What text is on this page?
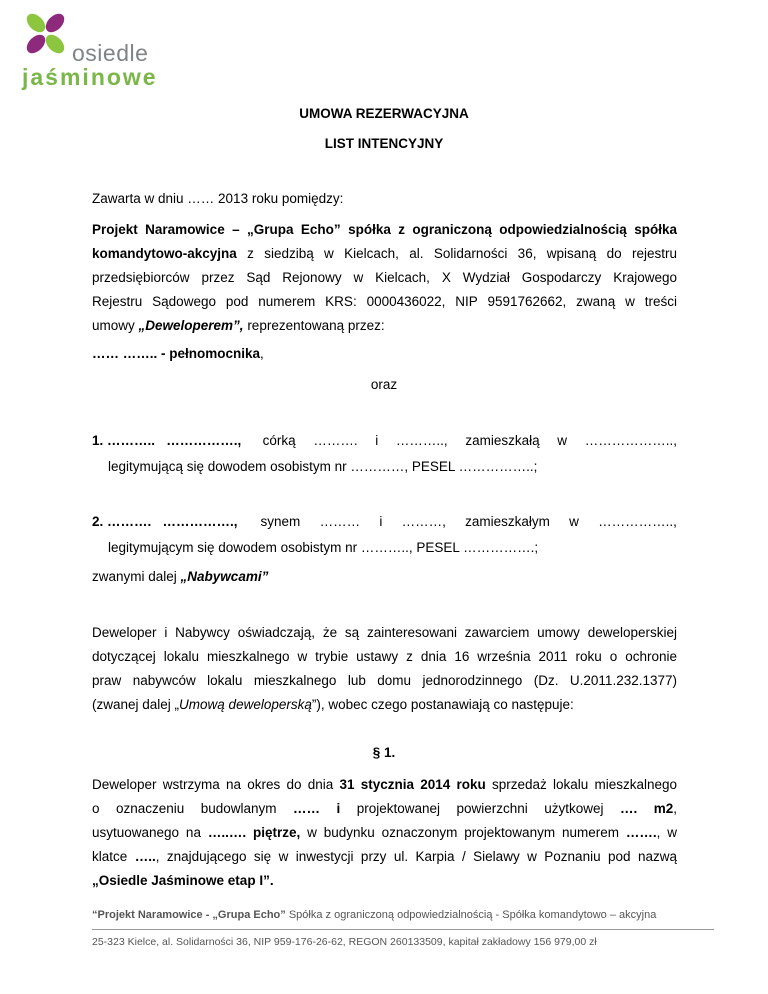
osiedle
jaśminowe
UMOWA REZERWACYJNA
LIST INTENCYJNY
Zawarta w dniu …… 2013 roku pomiędzy:
Projekt Naramowice – „Grupa Echo” spółka z ograniczoną odpowiedzialnością spółka
komandytowo-akcyjna z siedzibą w Kielcach, al. Solidarności 36, wpisaną do rejestru
przedsiębiorców przez Sąd Rejonowy w Kielcach, X Wydział Gospodarczy Krajowego
Rejestru Sądowego pod numerem KRS: 0000436022, NIP 9591762662, zwaną w treści
umowy „Deweloperem”, reprezentowaną przez:
…… …….. - pełnomocnika,
oraz
1. ………..   ……………., córką ………. i ……….., zamieszkałą w ………………..,
legitymującą się dowodem osobistym nr …………, PESEL ……………..;
2. ……….   ……………., synem ……… i ………, zamieszkałym w ……………..,
legitymującym się dowodem osobistym nr ……….., PESEL …………….;
zwanymi dalej „Nabywcami”
Deweloper i Nabywcy oświadczają, że są zainteresowani zawarciem umowy deweloperskiej
dotyczącej lokalu mieszkalnego w trybie ustawy z dnia 16 września 2011 roku o ochronie
praw nabywców lokalu mieszkalnego lub domu jednorodzinnego (Dz. U.2011.232.1377)
(zwanej dalej „Umową deweloperską”), wobec czego postanawiają co następuje:
§ 1.
Deweloper wstrzyma na okres do dnia 31 stycznia 2014 roku sprzedaż lokalu mieszkalnego
o oznaczeniu budowlanym …… i projektowanej powierzchni użytkowej …. m2,
usytuowanego na …..…. piętrze, w budynku oznaczonym projektowanym numerem ……., w
klatce ….., znajdującego się w inwestycji przy ul. Karpia / Sielawy w Poznaniu pod nazwą
„Osiedle Jaśminowe etap I”.
“Projekt Naramowice - „Grupa Echo” Spółka z ograniczoną odpowiedzialnością - Spółka komandytowo – akcyjna
25-323 Kielce, al. Solidarności 36, NIP 959-176-26-62, REGON 260133509, kapitał zakładowy 156 979,00 zł
